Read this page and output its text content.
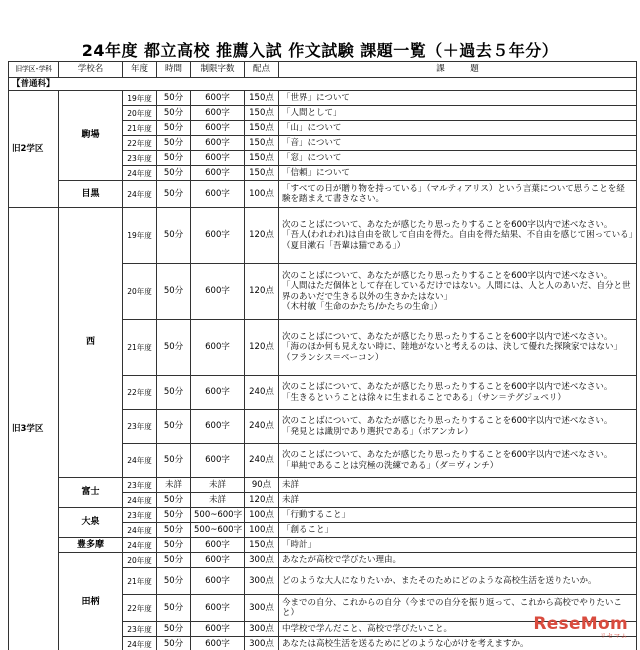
24年度 都立高校 推薦入試 作文試験 課題一覧（＋過去５年分）
旧学区･学科	学校名	年度	時間	制限字数	配点	課　　　題
【普通科】						
旧2学区	駒場	19年度	50分	600字	150点	「世界」について
		20年度	50分	600字	150点	「人間として」
		21年度	50分	600字	150点	「山」について
		22年度	50分	600字	150点	「音」について
		23年度	50分	600字	150点	「窓」について
		24年度	50分	600字	150点	「信頼」について
	目黒	24年度	50分	600字	100点	「すべての日が贈り物を持っている」（マルティアリス）という言葉について思うことを経験を踏まえて書きなさい。
旧3学区	西	19年度	50分	600字	120点	次のことばについて、あなたが感じたり思ったりすることを600字以内で述べなさい。
「吾人(われわれ)は自由を欲して自由を得た。自由を得た結果、不自由を感じて困っている」（夏目漱石「吾輩は猫である」）
		20年度	50分	600字	120点	次のことばについて、あなたが感じたり思ったりすることを600字以内で述べなさい。
「人間はただ個体として存在しているだけではない。人間には、人と人のあいだ、自分と世界のあいだで生きる以外の生きかたはない」
（木村敏「生命のかたち/かたちの生命」）
		21年度	50分	600字	120点	次のことばについて、あなたが感じたり思ったりすることを600字以内で述べなさい。
「海のほか何も見えない時に、陸地がないと考えるのは、決して優れた探険家ではない」（フランシス＝ベーコン）
		22年度	50分	600字	240点	次のことばについて、あなたが感じたり思ったりすることを600字以内で述べなさい。
「生きるということは徐々に生まれることである」（サン＝テグジュペリ）
		23年度	50分	600字	240点	次のことばについて、あなたが感じたり思ったりすることを600字以内で述べなさい。
「発見とは識別であり選択である」（ポアンカレ）
		24年度	50分	600字	240点	次のことばについて、あなたが感じたり思ったりすることを600字以内で述べなさい。
「単純であることは究極の洗練である」（ダ＝ヴィンチ）
	富士	23年度	未詳	未詳	90点	未詳
		24年度	50分	未詳	120点	未詳
	大泉	23年度	50分	500~600字	100点	「行動すること」
		24年度	50分	500~600字	100点	「創ること」
	豊多摩	24年度	50分	600字	150点	「時計」
	田柄	20年度	50分	600字	300点	あなたが高校で学びたい理由。
		21年度	50分	600字	300点	どのような大人になりたいか、またそのためにどのような高校生活を送りたいか。
		22年度	50分	600字	300点	今までの自分、これからの自分（今までの自分を振り返って、これから高校でやりたいこと）
		23年度	50分	600字	300点	中学校で学んだこと、高校で学びたいこと。
		24年度	50分	600字	300点	あなたは高校生活を送るためにどのような心がけを考えますか。
ReseMom
リセマム
